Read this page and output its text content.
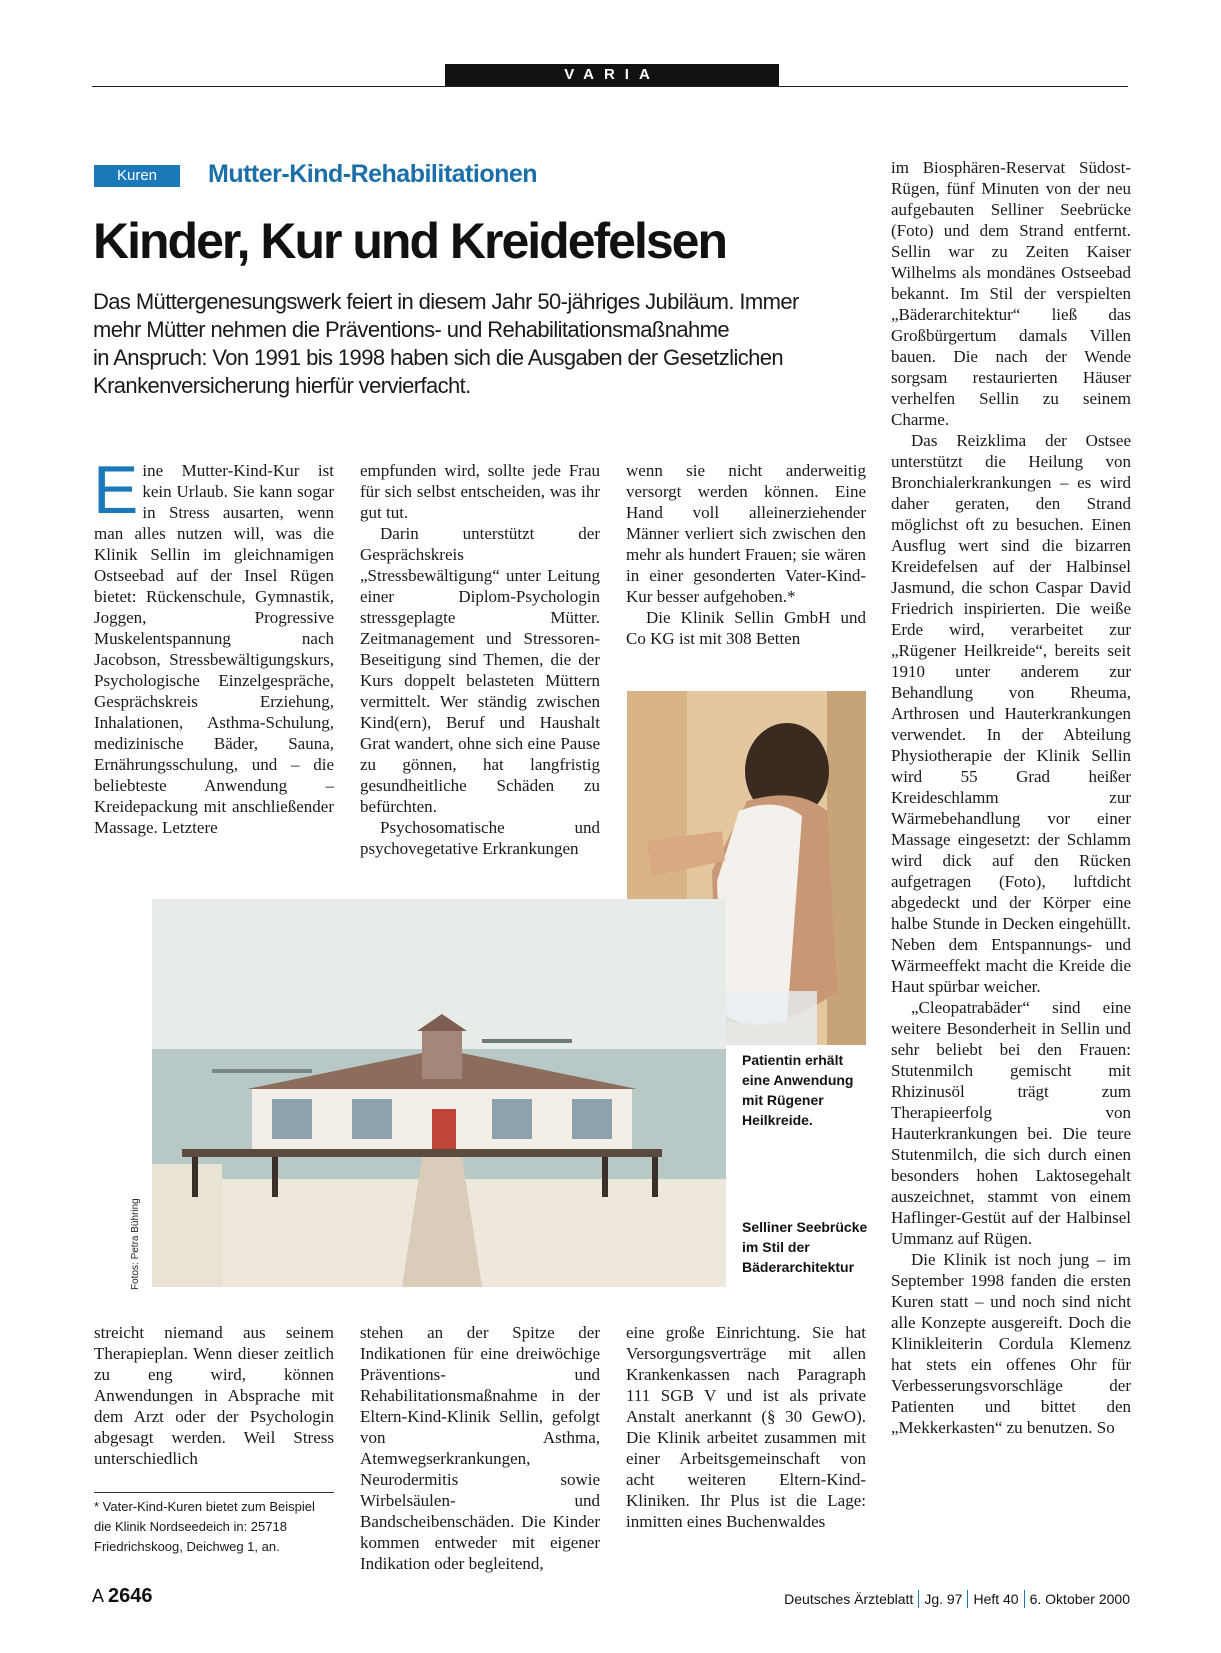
VARIA
Kuren	Mutter-Kind-Rehabilitationen
Kinder, Kur und Kreidefelsen
Das Müttergenesungswerk feiert in diesem Jahr 50-jähriges Jubiläum. Immer
mehr Mütter nehmen die Präventions- und Rehabilitationsmaßnahme
in Anspruch: Von 1991 bis 1998 haben sich die Ausgaben der Gesetzlichen
Krankenversicherung hierfür vervierfacht.

Eine Mutter-Kind-Kur ist kein Urlaub. Sie kann sogar in Stress ausarten, wenn man alles nutzen will, was die Klinik Sellin im gleichnamigen Ostseebad auf der Insel Rügen bietet: Rückenschule, Gymnastik, Joggen, Progressive Muskelentspannung nach Jacobson, Stressbewältigungskurs, Psychologische Einzelgespräche, Gesprächskreis Erziehung, Inhalationen, Asthma-Schulung, medizinische Bäder, Sauna, Ernährungsschulung, und – die beliebteste Anwendung – Kreidepackung mit anschließender Massage. Letztere

empfunden wird, sollte jede Frau für sich selbst entscheiden, was ihr gut tut.

Darin unterstützt der Gesprächskreis „Stressbewältigung“ unter Leitung einer Diplom-Psychologin stressgeplagte Mütter. Zeitmanagement und Stressoren-Beseitigung sind Themen, die der Kurs doppelt belasteten Müttern vermittelt. Wer ständig zwischen Kind(ern), Beruf und Haushalt Grat wandert, ohne sich eine Pause zu gönnen, hat langfristig gesundheitliche Schäden zu befürchten.

Psychosomatische und psychovegetative Erkrankungen

wenn sie nicht anderweitig versorgt werden können. Eine Hand voll alleinerziehender Männer verliert sich zwischen den mehr als hundert Frauen; sie wären in einer gesonderten Vater-Kind-Kur besser aufgehoben.*

Die Klinik Sellin GmbH und Co KG ist mit 308 Betten

im Biosphären-Reservat Südost-Rügen, fünf Minuten von der neu aufgebauten Selliner Seebrücke (Foto) und dem Strand entfernt. Sellin war zu Zeiten Kaiser Wilhelms als mondänes Ostseebad bekannt. Im Stil der verspielten „Bäderarchitektur“ ließ das Großbürgertum damals Villen bauen. Die nach der Wende sorgsam restaurierten Häuser verhelfen Sellin zu seinem Charme.

Das Reizklima der Ostsee unterstützt die Heilung von Bronchialerkrankungen – es wird daher geraten, den Strand möglichst oft zu besuchen. Einen Ausflug wert sind die bizarren Kreidefelsen auf der Halbinsel Jasmund, die schon Caspar David Friedrich inspirierten. Die weiße Erde wird, verarbeitet zur „Rügener Heilkreide“, bereits seit 1910 unter anderem zur Behandlung von Rheuma, Arthrosen und Hauterkrankungen verwendet. In der Abteilung Physiotherapie der Klinik Sellin wird 55 Grad heißer Kreideschlamm zur Wärmebehandlung vor einer Massage eingesetzt: der Schlamm wird dick auf den Rücken aufgetragen (Foto), luftdicht abgedeckt und der Körper eine halbe Stunde in Decken eingehüllt. Neben dem Entspannungs- und Wärmeeffekt macht die Kreide die Haut spürbar weicher.

„Cleopatrabäder“ sind eine weitere Besonderheit in Sellin und sehr beliebt bei den Frauen: Stutenmilch gemischt mit Rhizinusöl trägt zum Therapieerfolg von Hauterkrankungen bei. Die teure Stutenmilch, die sich durch einen besonders hohen Laktosegehalt auszeichnet, stammt von einem Haflinger-Gestüt auf der Halbinsel Ummanz auf Rügen.

Die Klinik ist noch jung – im September 1998 fanden die ersten Kuren statt – und noch sind nicht alle Konzepte ausgereift. Doch die Klinikleiterin Cordula Klemenz hat stets ein offenes Ohr für Verbesserungsvorschläge der Patienten und bittet den „Mekkerkasten“ zu benutzen. So

Patientin erhält eine Anwendung mit Rügener Heilkreide.
Selliner Seebrücke im Stil der Bäderarchitektur
Fotos: Petra Bühring

streicht niemand aus seinem Therapieplan. Wenn dieser zeitlich zu eng wird, können Anwendungen in Absprache mit dem Arzt oder der Psychologin abgesagt werden. Weil Stress unterschiedlich

stehen an der Spitze der Indikationen für eine dreiwöchige Präventions- und Rehabilitationsmaßnahme in der Eltern-Kind-Klinik Sellin, gefolgt von Asthma, Atemwegserkrankungen, Neurodermitis sowie Wirbelsäulen- und Bandscheibenschäden. Die Kinder kommen entweder mit eigener Indikation oder begleitend,

eine große Einrichtung. Sie hat Versorgungsverträge mit allen Krankenkassen nach Paragraph 111 SGB V und ist als private Anstalt anerkannt (§ 30 GewO). Die Klinik arbeitet zusammen mit einer Arbeitsgemeinschaft von acht weiteren Eltern-Kind-Kliniken. Ihr Plus ist die Lage: inmitten eines Buchenwaldes

* Vater-Kind-Kuren bietet zum Beispiel die Klinik Nordseedeich in: 25718 Friedrichskoog, Deichweg 1, an.
A 2646	Deutsches Ärzteblatt Jg. 97 Heft 40 6. Oktober 2000
